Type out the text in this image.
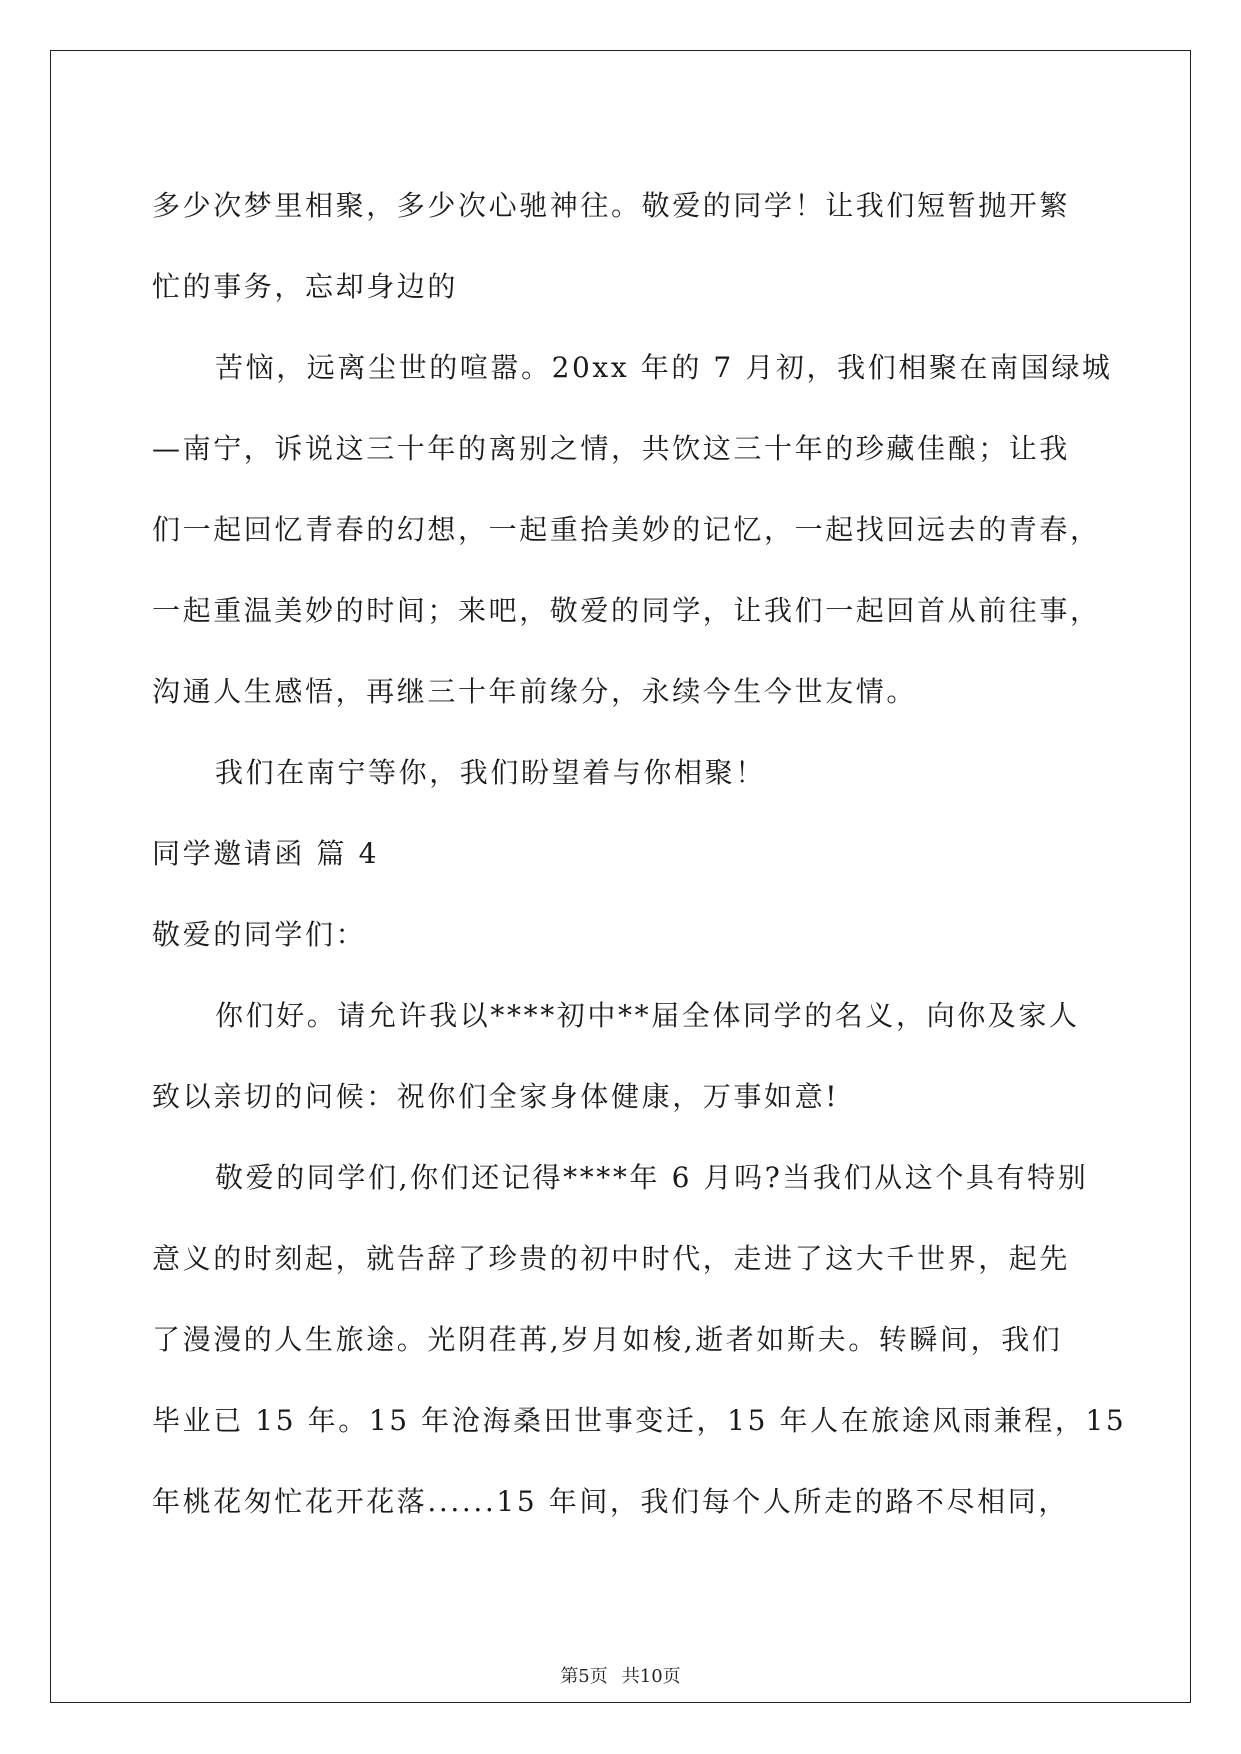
多少次梦里相聚，多少次心驰神往。敬爱的同学！让我们短暂抛开繁
忙的事务，忘却身边的
苦恼，远离尘世的喧嚣。20xx 年的 7 月初，我们相聚在南国绿城
—南宁，诉说这三十年的离别之情，共饮这三十年的珍藏佳酿；让我
们一起回忆青春的幻想，一起重拾美妙的记忆，一起找回远去的青春，
一起重温美妙的时间；来吧，敬爱的同学，让我们一起回首从前往事，
沟通人生感悟，再继三十年前缘分，永续今生今世友情。
我们在南宁等你，我们盼望着与你相聚！
同学邀请函 篇 4
敬爱的同学们：
你们好。请允许我以****初中**届全体同学的名义，向你及家人
致以亲切的问候：祝你们全家身体健康，万事如意!
敬爱的同学们,你们还记得****年 6 月吗?当我们从这个具有特别
意义的时刻起，就告辞了珍贵的初中时代，走进了这大千世界，起先
了漫漫的人生旅途。光阴荏苒,岁月如梭,逝者如斯夫。转瞬间，我们
毕业已 15 年。15 年沧海桑田世事变迁，15 年人在旅途风雨兼程，15
年桃花匆忙花开花落......15 年间，我们每个人所走的路不尽相同，
第5页 共10页
